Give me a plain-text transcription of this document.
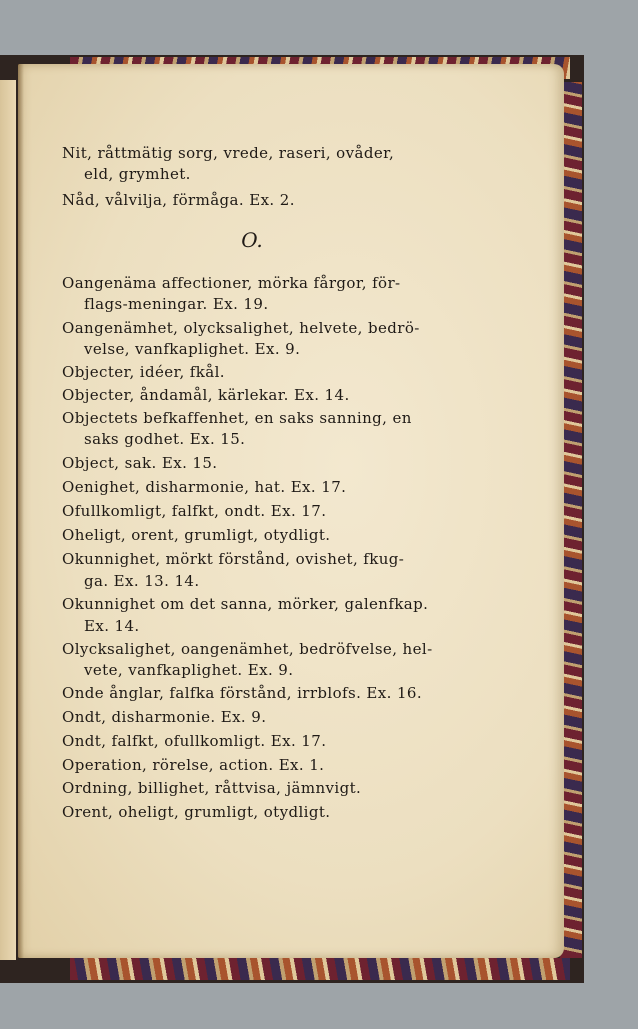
Nit, råttmätig sorg, vrede, raseri, ovåder,
eld, grymhet.
Nåd, vålvilja, förmåga. Ex. 2.
O.
Oangenäma affectioner, mörka fårgor, för-
flags-meningar. Ex. 19.
Oangenämhet, olycksalighet, helvete, bedrö-
velse, vanfkaplighet. Ex. 9.
Objecter, idéer, fkål.
Objecter, åndamål, kärlekar. Ex. 14.
Objectets befkaffenhet, en saks sanning, en
saks godhet. Ex. 15.
Object, sak. Ex. 15.
Oenighet, disharmonie, hat. Ex. 17.
Ofullkomligt, falfkt, ondt. Ex. 17.
Oheligt, orent, grumligt, otydligt.
Okunnighet, mörkt förstånd, ovishet, fkug-
ga. Ex. 13. 14.
Okunnighet om det sanna, mörker, galenfkap.
Ex. 14.
Olycksalighet, oangenämhet, bedröfvelse, hel-
vete, vanfkaplighet. Ex. 9.
Onde ånglar, falfka förstånd, irrblofs. Ex. 16.
Ondt, disharmonie. Ex. 9.
Ondt, falfkt, ofullkomligt. Ex. 17.
Operation, rörelse, action. Ex. 1.
Ordning, billighet, råttvisa, jämnvigt.
Orent, oheligt, grumligt, otydligt.
